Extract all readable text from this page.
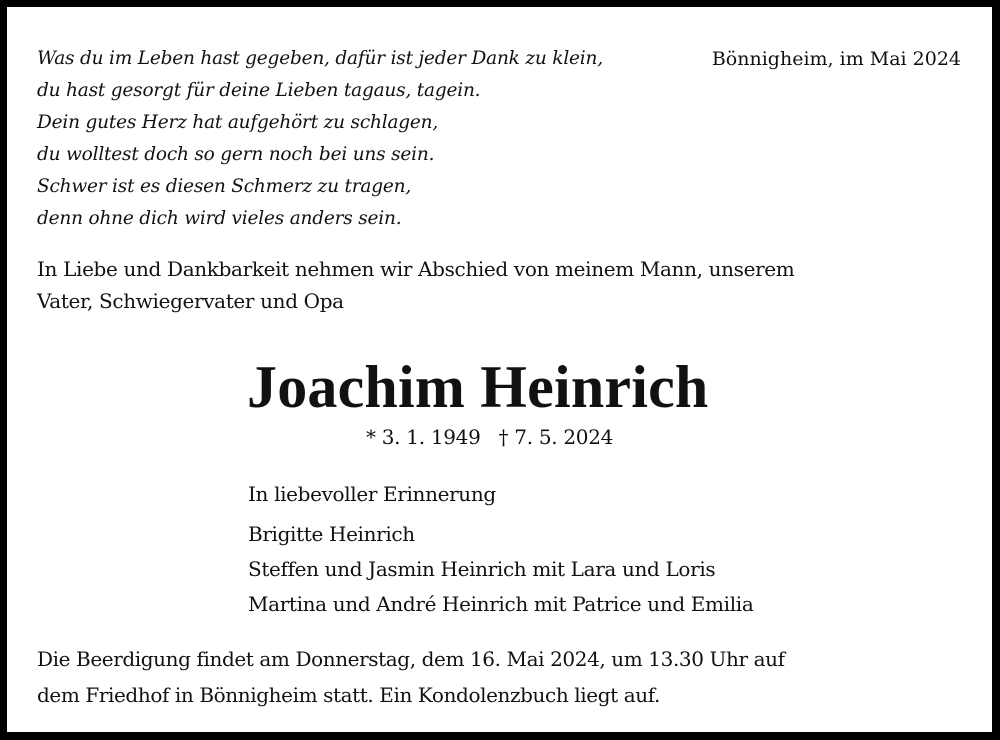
Was du im Leben hast gegeben, dafür ist jeder Dank zu klein,
du hast gesorgt für deine Lieben tagaus, tagein.
Dein gutes Herz hat aufgehört zu schlagen,
du wolltest doch so gern noch bei uns sein.
Schwer ist es diesen Schmerz zu tragen,
denn ohne dich wird vieles anders sein.
Bönnigheim, im Mai 2024
In Liebe und Dankbarkeit nehmen wir Abschied von meinem Mann, unserem
Vater, Schwiegervater und Opa
Joachim Heinrich
* 3. 1. 1949 † 7. 5. 2024
In liebevoller Erinnerung
Brigitte Heinrich
Steffen und Jasmin Heinrich mit Lara und Loris
Martina und André Heinrich mit Patrice und Emilia
Die Beerdigung findet am Donnerstag, dem 16. Mai 2024, um 13.30 Uhr auf
dem Friedhof in Bönnigheim statt. Ein Kondolenzbuch liegt auf.
